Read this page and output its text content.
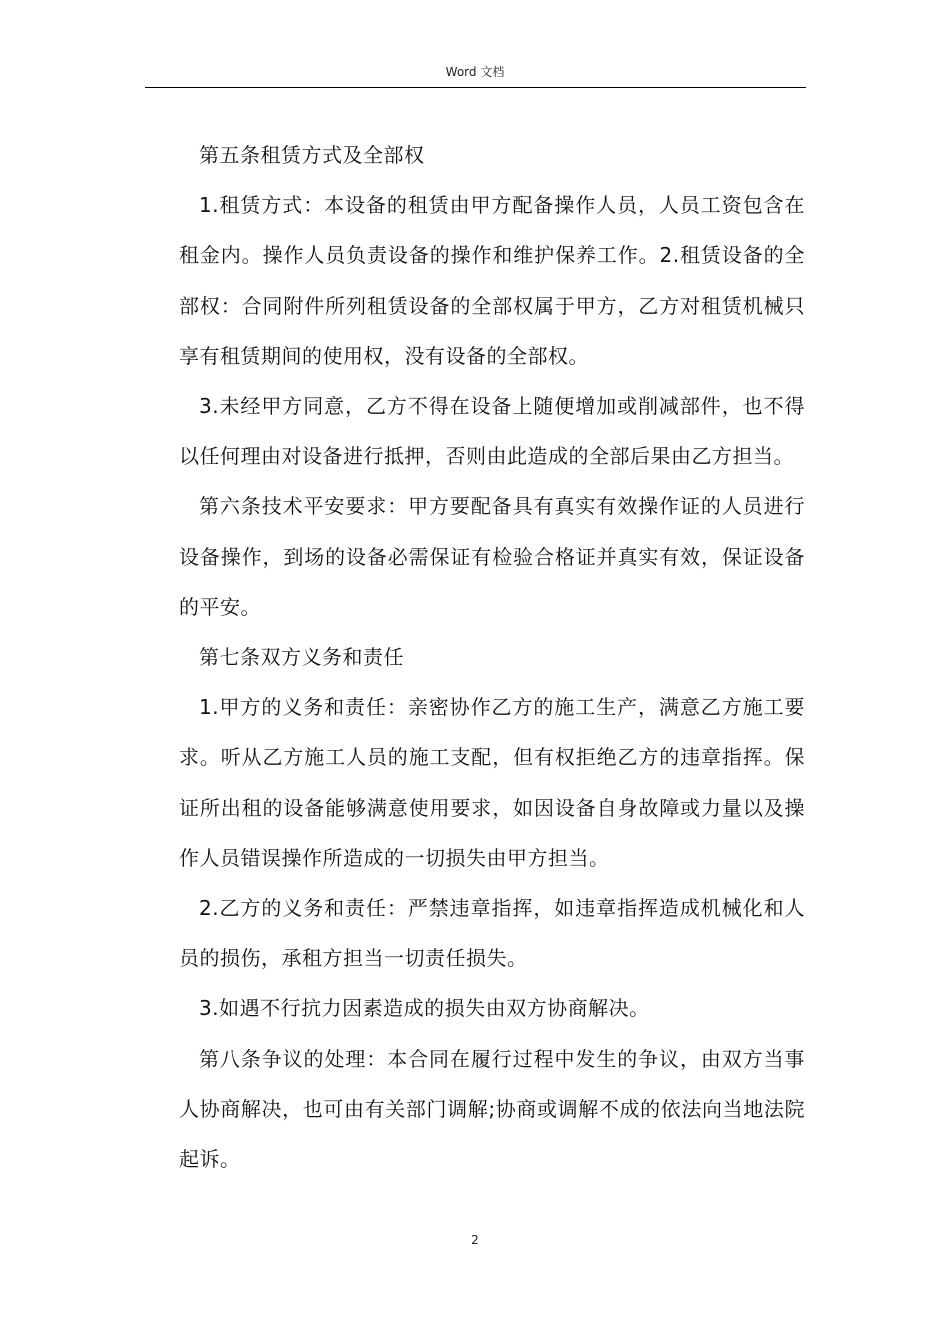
Word 文档

第五条租赁方式及全部权

1.租赁方式：本设备的租赁由甲方配备操作人员，人员工资包含在租金内。操作人员负责设备的操作和维护保养工作。2.租赁设备的全部权：合同附件所列租赁设备的全部权属于甲方，乙方对租赁机械只享有租赁期间的使用权，没有设备的全部权。

3.未经甲方同意，乙方不得在设备上随便增加或削减部件，也不得以任何理由对设备进行抵押，否则由此造成的全部后果由乙方担当。

第六条技术平安要求：甲方要配备具有真实有效操作证的人员进行设备操作，到场的设备必需保证有检验合格证并真实有效，保证设备的平安。

第七条双方义务和责任

1.甲方的义务和责任：亲密协作乙方的施工生产，满意乙方施工要求。听从乙方施工人员的施工支配，但有权拒绝乙方的违章指挥。保证所出租的设备能够满意使用要求，如因设备自身故障或力量以及操作人员错误操作所造成的一切损失由甲方担当。

2.乙方的义务和责任：严禁违章指挥，如违章指挥造成机械化和人员的损伤，承租方担当一切责任损失。

3.如遇不行抗力因素造成的损失由双方协商解决。

第八条争议的处理：本合同在履行过程中发生的争议，由双方当事人协商解决，也可由有关部门调解;协商或调解不成的依法向当地法院起诉。

2
